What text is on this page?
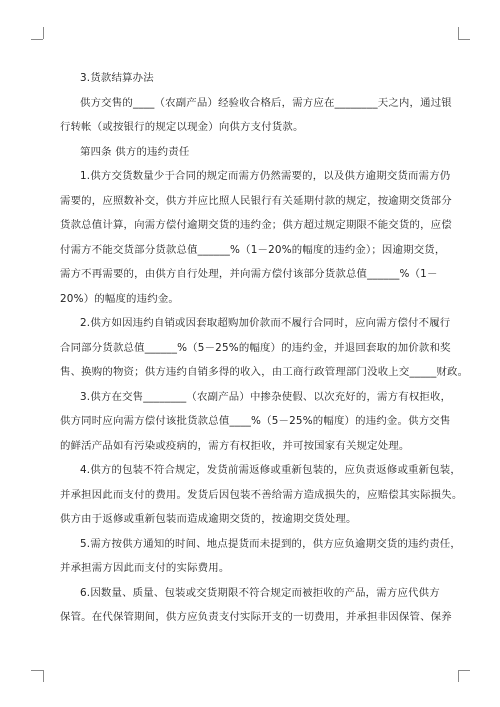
3.货款结算办法
供方交售的____（农副产品）经验收合格后，需方应在________天之内，通过银
行转帐（或按银行的规定以现金）向供方支付货款。
第四条 供方的违约责任
1.供方交货数量少于合同的规定而需方仍然需要的，以及供方逾期交货而需方仍
需要的，应照数补交，供方并应比照人民银行有关延期付款的规定，按逾期交货部分
货款总值计算，向需方偿付逾期交货的违约金；供方超过规定期限不能交货的，应偿
付需方不能交货部分货款总值______%（1－20%的幅度的违约金）；因逾期交货，
需方不再需要的，由供方自行处理，并向需方偿付该部分货款总值______%（1－
20%）的幅度的违约金。
2.供方如因违约自销或因套取超购加价款而不履行合同时，应向需方偿付不履行
合同部分货款总值______%（5－25%的幅度）的违约金，并退回套取的加价款和奖
售、换购的物资；供方违约自销多得的收入，由工商行政管理部门没收上交_____财政。
3.供方在交售________（农副产品）中掺杂使假、以次充好的，需方有权拒收，
供方同时应向需方偿付该批货款总值____%（5－25%的幅度）的违约金。供方交售
的鲜活产品如有污染或疫病的，需方有权拒收，并可按国家有关规定处理。
4.供方的包装不符合规定，发货前需返修或重新包装的，应负责返修或重新包装，
并承担因此而支付的费用。发货后因包装不善给需方造成损失的，应赔偿其实际损失。
供方由于返修或重新包装而造成逾期交货的，按逾期交货处理。
5.需方按供方通知的时间、地点提货而未提到的，供方应负逾期交货的违约责任，
并承担需方因此而支付的实际费用。
6.因数量、质量、包装或交货期限不符合规定而被拒收的产品，需方应代供方
保管。在代保管期间，供方应负责支付实际开支的一切费用，并承担非因保管、保养
